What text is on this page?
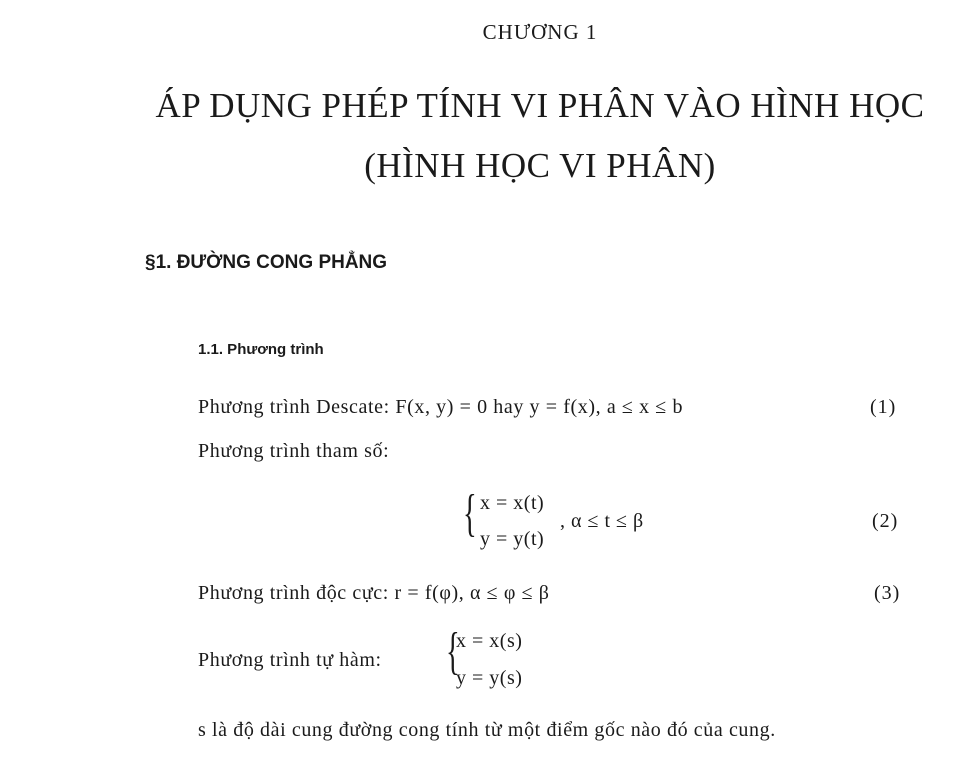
CHƯƠNG 1
ÁP DỤNG PHÉP TÍNH VI PHÂN VÀO HÌNH HỌC
(HÌNH HỌC VI PHÂN)
§1. ĐƯỜNG CONG PHẲNG
1.1. Phương trình
Phương trình Descate: F(x, y) = 0 hay y = f(x), a ≤ x ≤ b	(1)
Phương trình tham số:
{ x = x(t)
y = y(t)
, α ≤ t ≤ β	(2)
Phương trình độc cực: r = f(φ), α ≤ φ ≤ β	(3)
Phương trình tự hàm: {
x = x(s)
y = y(s)
s là độ dài cung đường cong tính từ một điểm gốc nào đó của cung.
